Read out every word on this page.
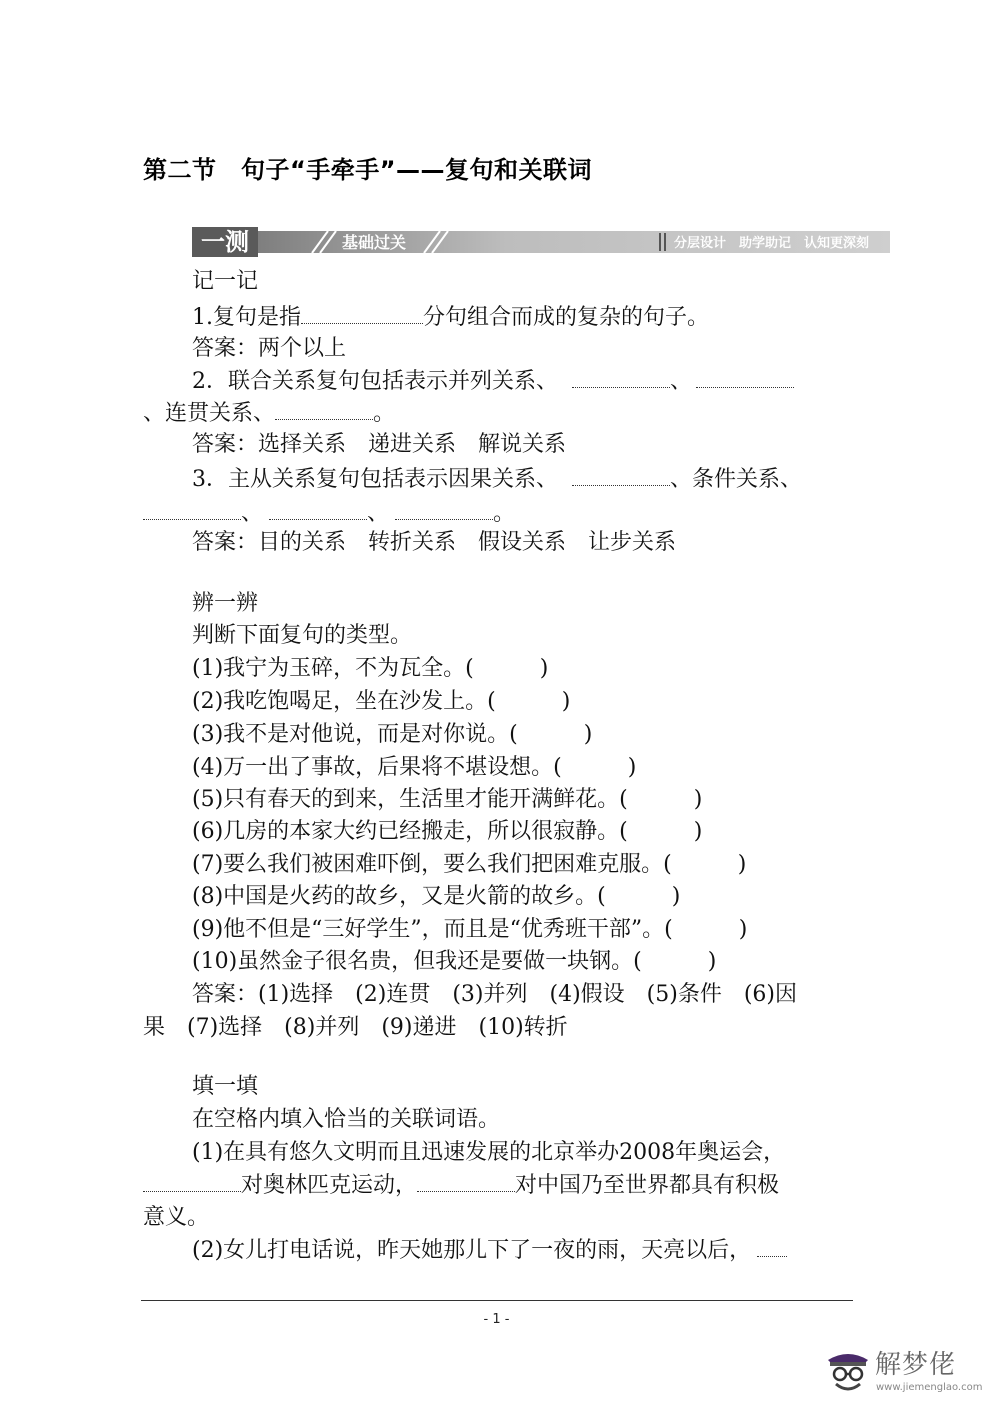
第二节　句子“手牵手”——复句和关联词
一测	基础过关	分层设计　助学助记　认知更深刻
记一记
1.复句是指	分句组合而成的复杂的句子。
答案：两个以上
2．联合关系复句包括表示并列关系、	、
、连贯关系、	。
答案：选择关系　递进关系　解说关系
3．主从关系复句包括表示因果关系、	、条件关系、
、	、	。
答案：目的关系　转折关系　假设关系　让步关系
辨一辨
判断下面复句的类型。
(1)我宁为玉碎，不为瓦全。(　　　)
(2)我吃饱喝足，坐在沙发上。(　　　)
(3)我不是对他说，而是对你说。(　　　)
(4)万一出了事故，后果将不堪设想。(　　　)
(5)只有春天的到来，生活里才能开满鲜花。(　　　)
(6)几房的本家大约已经搬走，所以很寂静。(　　　)
(7)要么我们被困难吓倒，要么我们把困难克服。(　　　)
(8)中国是火药的故乡，又是火箭的故乡。(　　　)
(9)他不但是“三好学生”，而且是“优秀班干部”。(　　　)
(10)虽然金子很名贵，但我还是要做一块钢。(　　　)
答案：(1)选择　(2)连贯　(3)并列　(4)假设　(5)条件　(6)因
果　(7)选择　(8)并列　(9)递进　(10)转折
填一填
在空格内填入恰当的关联词语。
(1)在具有悠久文明而且迅速发展的北京举办2008年奥运会，
对奥林匹克运动，	对中国乃至世界都具有积极
意义。
(2)女儿打电话说，昨天她那儿下了一夜的雨，天亮以后，
- 1 -
解梦佬
www.jiemenglao.com
